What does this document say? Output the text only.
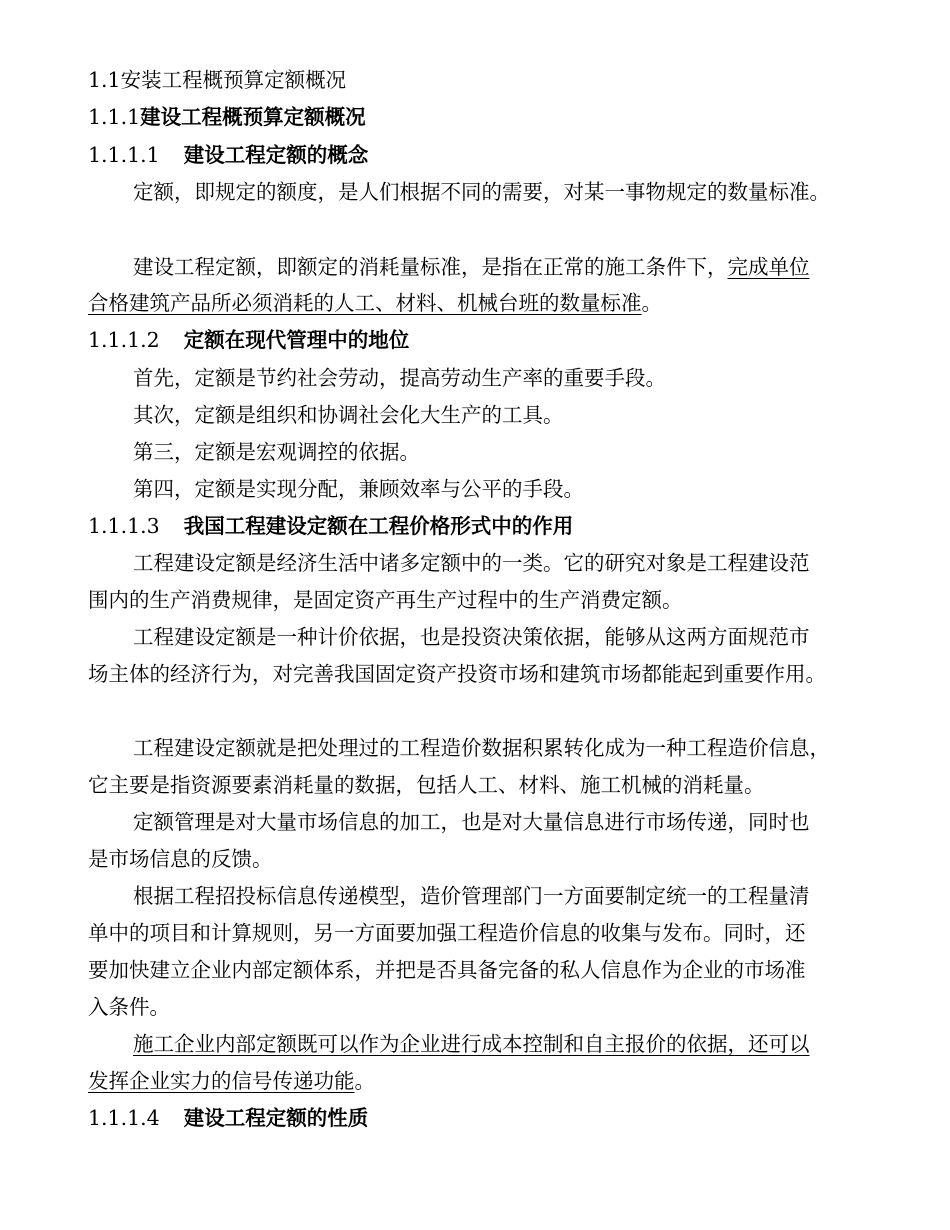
1.1安装工程概预算定额概况
1.1.1建设工程概预算定额概况
1.1.1.1 建设工程定额的概念
定额，即规定的额度，是人们根据不同的需要，对某一事物规定的数量标准。
建设工程定额，即额定的消耗量标准，是指在正常的施工条件下，完成单位
合格建筑产品所必须消耗的人工、材料、机械台班的数量标准。
1.1.1.2 定额在现代管理中的地位
首先，定额是节约社会劳动，提高劳动生产率的重要手段。
其次，定额是组织和协调社会化大生产的工具。
第三，定额是宏观调控的依据。
第四，定额是实现分配，兼顾效率与公平的手段。
1.1.1.3 我国工程建设定额在工程价格形式中的作用
工程建设定额是经济生活中诸多定额中的一类。它的研究对象是工程建设范
围内的生产消费规律，是固定资产再生产过程中的生产消费定额。
工程建设定额是一种计价依据，也是投资决策依据，能够从这两方面规范市
场主体的经济行为，对完善我国固定资产投资市场和建筑市场都能起到重要作用。
工程建设定额就是把处理过的工程造价数据积累转化成为一种工程造价信息，
它主要是指资源要素消耗量的数据，包括人工、材料、施工机械的消耗量。
定额管理是对大量市场信息的加工，也是对大量信息进行市场传递，同时也
是市场信息的反馈。
根据工程招投标信息传递模型，造价管理部门一方面要制定统一的工程量清
单中的项目和计算规则，另一方面要加强工程造价信息的收集与发布。同时，还
要加快建立企业内部定额体系，并把是否具备完备的私人信息作为企业的市场准
入条件。
施工企业内部定额既可以作为企业进行成本控制和自主报价的依据，还可以
发挥企业实力的信号传递功能。
1.1.1.4 建设工程定额的性质
